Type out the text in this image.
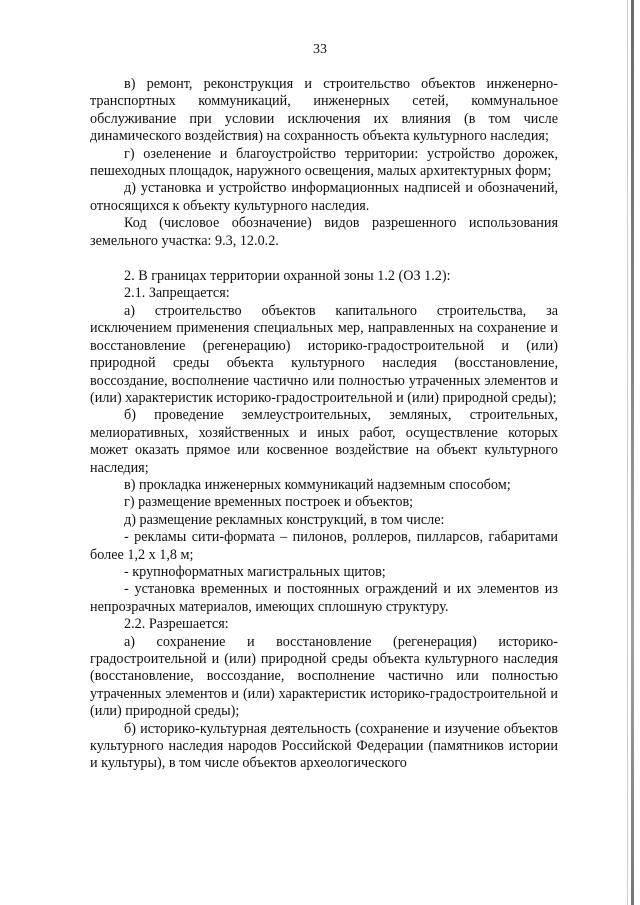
33

в) ремонт, реконструкция и строительство объектов инженерно-транспортных коммуникаций, инженерных сетей, коммунальное обслуживание при условии исключения их влияния (в том числе динамического воздействия) на сохранность объекта культурного наследия;

г) озеленение и благоустройство территории: устройство дорожек, пешеходных площадок, наружного освещения, малых архитектурных форм;

д) установка и устройство информационных надписей и обозначений, относящихся к объекту культурного наследия.

Код (числовое обозначение) видов разрешенного использования земельного участка: 9.3, 12.0.2.

2. В границах территории охранной зоны 1.2 (ОЗ 1.2):

2.1. Запрещается:

а) строительство объектов капитального строительства, за исключением применения специальных мер, направленных на сохранение и восстановление (регенерацию) историко-градостроительной и (или) природной среды объекта культурного наследия (восстановление, воссоздание, восполнение частично или полностью утраченных элементов и (или) характеристик историко-градостроительной и (или) природной среды);

б) проведение землеустроительных, земляных, строительных, мелиоративных, хозяйственных и иных работ, осуществление которых может оказать прямое или косвенное воздействие на объект культурного наследия;

в) прокладка инженерных коммуникаций надземным способом;

г) размещение временных построек и объектов;

д) размещение рекламных конструкций, в том числе:

- рекламы сити-формата – пилонов, роллеров, пилларсов, габаритами более 1,2 х 1,8 м;

- крупноформатных магистральных щитов;

- установка временных и постоянных ограждений и их элементов из непрозрачных материалов, имеющих сплошную структуру.

2.2. Разрешается:

а) сохранение и восстановление (регенерация) историко-градостроительной и (или) природной среды объекта культурного наследия (восстановление, воссоздание, восполнение частично или полностью утраченных элементов и (или) характеристик историко-градостроительной и (или) природной среды);

б) историко-культурная деятельность (сохранение и изучение объектов культурного наследия народов Российской Федерации (памятников истории и культуры), в том числе объектов археологического
